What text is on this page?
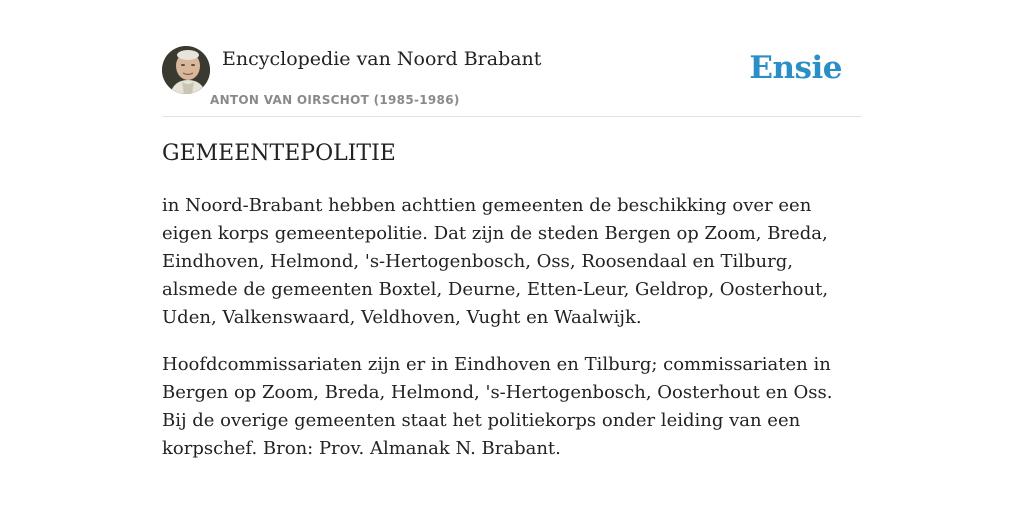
Encyclopedie van Noord Brabant
ANTON VAN OIRSCHOT (1985-1986)
Ensie
GEMEENTEPOLITIE

in Noord-Brabant hebben achttien gemeenten de beschikking over een eigen korps gemeentepolitie. Dat zijn de steden Bergen op Zoom, Breda, Eindhoven, Helmond, 's-Hertogenbosch, Oss, Roosendaal en Tilburg, alsmede de gemeenten Boxtel, Deurne, Etten-Leur, Geldrop, Oosterhout, Uden, Valkenswaard, Veldhoven, Vught en Waalwijk.

Hoofdcommissariaten zijn er in Eindhoven en Tilburg; commissariaten in Bergen op Zoom, Breda, Helmond, 's-Hertogenbosch, Oosterhout en Oss. Bij de overige gemeenten staat het politiekorps onder leiding van een korpschef. Bron: Prov. Almanak N. Brabant.
